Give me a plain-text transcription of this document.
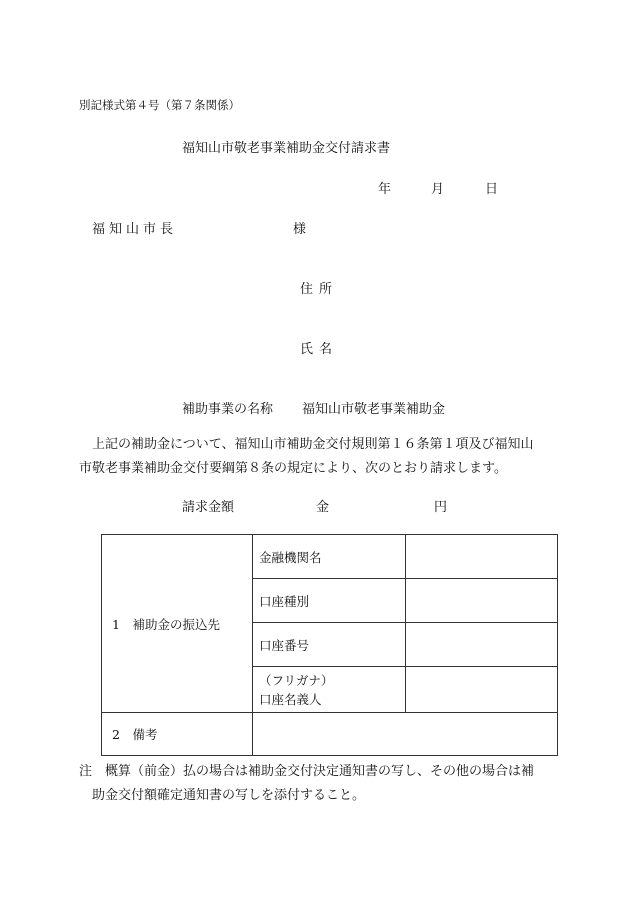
別記様式第４号（第７条関係）
福知山市敬老事業補助金交付請求書
年	月	日
福知山市長	様
住所
氏名
補助事業の名称 福知山市敬老事業補助金
上記の補助金について、福知山市補助金交付規則第１６条第１項及び福知山
市敬老事業補助金交付要綱第８条の規定により、次のとおり請求します。
請求金額	金	円
1　補助金の振込先	金融機関名	
	口座種別	
	口座番号	

	（フリガナ）
口座名義人	

2　備考		
注　概算（前金）払の場合は補助金交付決定通知書の写し、その他の場合は補
助金交付額確定通知書の写しを添付すること。
